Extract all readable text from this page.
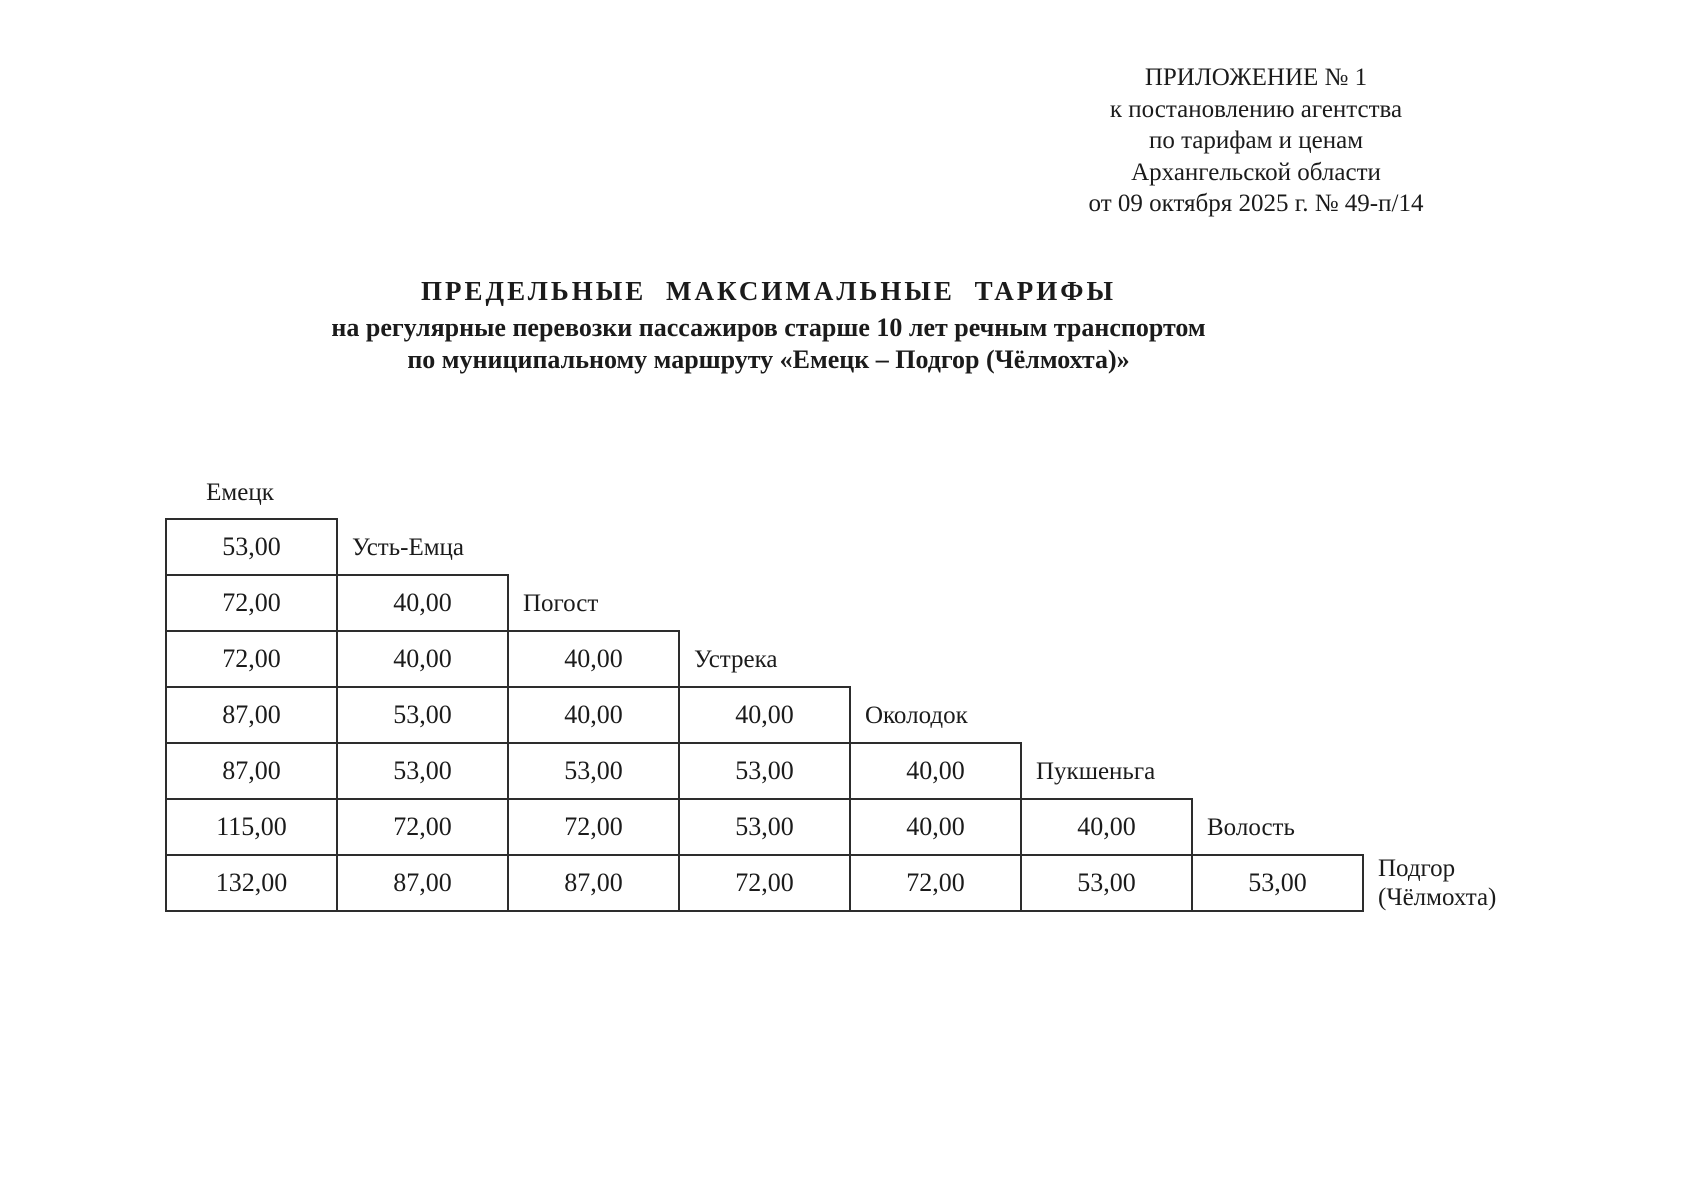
ПРИЛОЖЕНИЕ № 1
к постановлению агентства
по тарифам и ценам
Архангельской области
от 09 октября 2025 г. № 49-п/14
ПРЕДЕЛЬНЫЕ МАКСИМАЛЬНЫЕ ТАРИФЫ
на регулярные перевозки пассажиров старше 10 лет речным транспортом
по муниципальному маршруту «Емецк – Подгор (Чёлмохта)»
Емецк
53,00	Усть-Емца
72,00	40,00	Погост
72,00	40,00	40,00	Устрека
87,00	53,00	40,00	40,00	Околодок
87,00	53,00	53,00	53,00	40,00	Пукшеньга
115,00	72,00	72,00	53,00	40,00	40,00	Волость
132,00	87,00	87,00	72,00	72,00	53,00	53,00	Подгор
(Чёлмохта)
